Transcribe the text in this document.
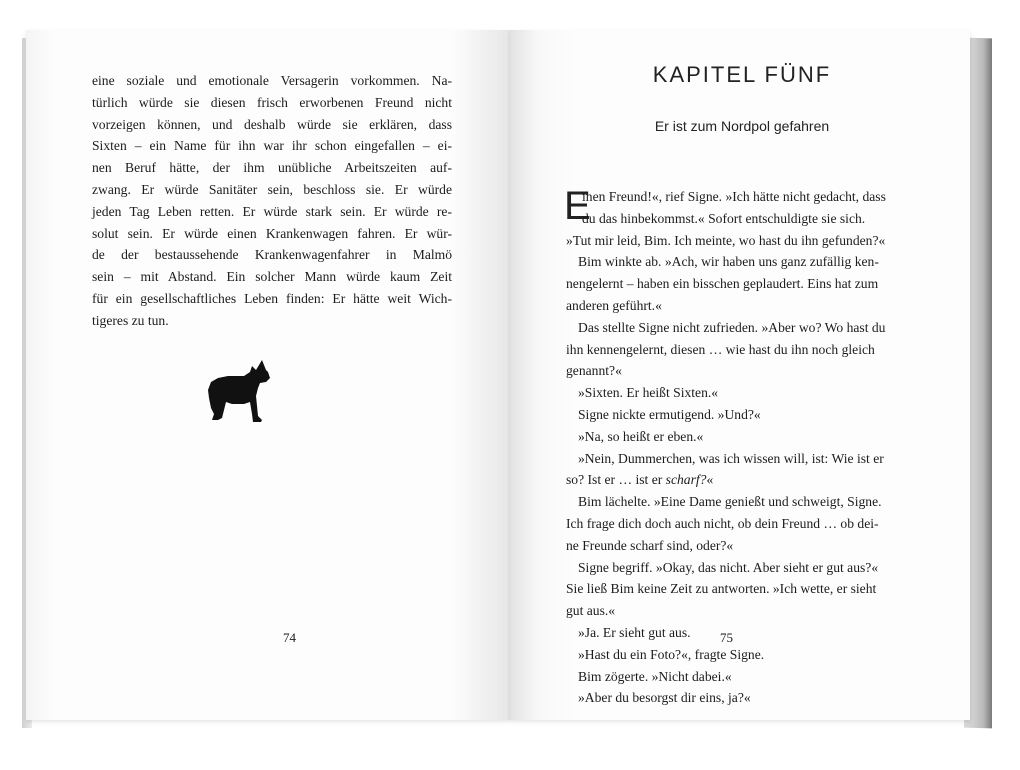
eine soziale und emotionale Versagerin vorkommen. Na-
türlich würde sie diesen frisch erworbenen Freund nicht
vorzeigen können, und deshalb würde sie erklären, dass
Sixten – ein Name für ihn war ihr schon eingefallen – ei-
nen Beruf hätte, der ihm unübliche Arbeitszeiten auf-
zwang. Er würde Sanitäter sein, beschloss sie. Er würde
jeden Tag Leben retten. Er würde stark sein. Er würde re-
solut sein. Er würde einen Krankenwagen fahren. Er wür-
de der bestaussehende Krankenwagenfahrer in Malmö
sein – mit Abstand. Ein solcher Mann würde kaum Zeit
für ein gesellschaftliches Leben finden: Er hätte weit Wich-
tigeres zu tun.
74
KAPITEL FÜNF
Er ist zum Nordpol gefahren
E
inen Freund!«, rief Signe. »Ich hätte nicht gedacht, dass
du das hinbekommst.« Sofort entschuldigte sie sich.
»Tut mir leid, Bim. Ich meinte, wo hast du ihn gefunden?«
Bim winkte ab. »Ach, wir haben uns ganz zufällig ken-
nengelernt – haben ein bisschen geplaudert. Eins hat zum
anderen geführt.«
Das stellte Signe nicht zufrieden. »Aber wo? Wo hast du
ihn kennengelernt, diesen … wie hast du ihn noch gleich
genannt?«
»Sixten. Er heißt Sixten.«
Signe nickte ermutigend. »Und?«
»Na, so heißt er eben.«
»Nein, Dummerchen, was ich wissen will, ist: Wie ist er
so? Ist er … ist er scharf?«
Bim lächelte. »Eine Dame genießt und schweigt, Signe.
Ich frage dich doch auch nicht, ob dein Freund … ob dei-
ne Freunde scharf sind, oder?«
Signe begriff. »Okay, das nicht. Aber sieht er gut aus?«
Sie ließ Bim keine Zeit zu antworten. »Ich wette, er sieht
gut aus.«
»Ja. Er sieht gut aus.
»Hast du ein Foto?«, fragte Signe.
Bim zögerte. »Nicht dabei.«
»Aber du besorgst dir eins, ja?«
75
